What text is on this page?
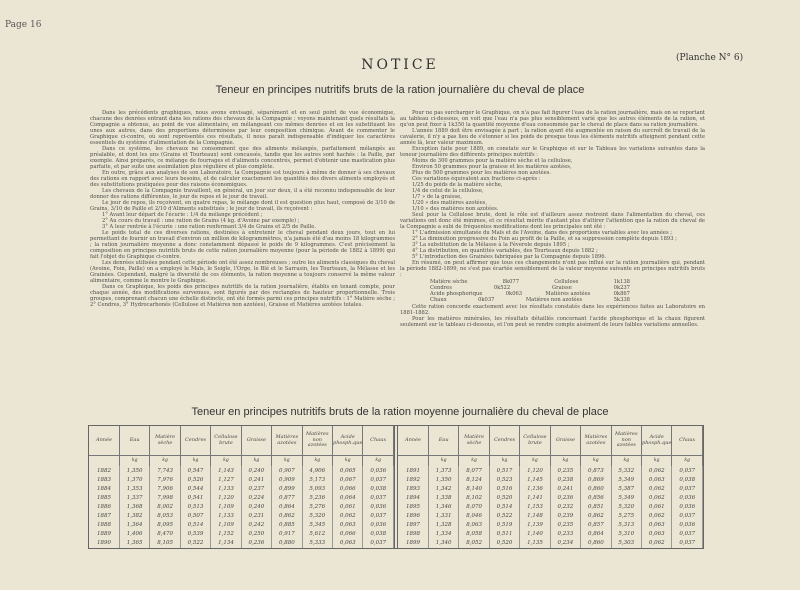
Page 16
NOTICE	(Planche N° 6)
Teneur en principes nutritifs bruts de la ration journalière du cheval de place

Dans les précédents graphiques, nous avons envisagé, séparément et en seul point de vue économique, chacune des denrées entrant dans les rations des chevaux de la Compagnie ; voyons maintenant quels résultats la Compagnie a obtenus, au point de vue alimentaire, en mélangeant ces mêmes denrées et en les substituant les unes aux autres, dans des proportions déterminées par leur composition chimique. Avant de commenter le Graphique ci-contre, où sont représentés ces résultats, il nous paraît indispensable d'indiquer les caractères essentiels du système d'alimentation de la Compagnie.

Dans ce système, les chevaux ne consomment que des aliments mélangés, parfaitement mélangés au préalable, et dont les uns (Grains et Tourteaux) sont concassés, tandis que les autres sont hachés : la Paille, par exemple. Ainsi préparés, ce mélange de fourrages et d'aliments concentrés, permet d'obtenir une mastication plus parfaite, et par suite une assimilation plus régulière et plus complète.

En outre, grâce aux analyses de son Laboratoire, la Compagnie est toujours à même de donner à ses chevaux des rations en rapport avec leurs besoins, et de calculer exactement les quantités des divers aliments employés et des substitutions pratiquées pour des raisons économiques.

Les chevaux de la Compagnie travaillent, en général, un jour sur deux, il a été reconnu indispensable de leur donner des rations différentes, le jour de repos et le jour de travail.

Le jour de repos, ils reçoivent, en quatre repas, le mélange dont il est question plus haut, composé de 3/10 de Grains, 3/10 de Paille et 2/10 d'Aliments substitués ; le jour de travail, ils reçoivent :

1° Avant leur départ de l'écurie : 1/4 du mélange précédent ;

2° Au cours du travail : une ration de Grains (4 kg. d'Avoine par exemple) ;

3° A leur rentrée à l'écurie : une ration renfermant 3/4 de Grains et 2/5 de Paille.

Le poids total de ces diverses rations, destinées à entretenir le cheval pendant deux jours, tout en lui permettant de fournir un travail d'environ un million de kilogrammètres, n'a jamais été d'au moins 18 kilogrammes ; la ration journalière moyenne a donc constamment dépassé le poids de 9 kilogrammes. C'est précisément la composition en principes nutritifs bruts de cette ration journalière moyenne (pour la période de 1882 à 1899) qui fait l'objet du Graphique ci-contre.

Les denrées utilisées pendant cette période ont été assez nombreuses ; outre les aliments classiques du cheval (Avoine, Foin, Paille) on a employé le Maïs, le Seigle, l'Orge, le Blé et le Sarrasin, les Tourteaux, la Mélasse et les Grainées. Cependant, malgré la diversité de ces éléments, la ration moyenne a toujours conservé la même valeur alimentaire, comme le montre le Graphique.

Dans ce Graphique, les poids des principes nutritifs de la ration journalière, établis en tenant compte, pour chaque année, des modifications survenues, sont figurés par des rectangles de hauteur proportionnelle. Trois groupes, comprenant chacun une échelle distincte, ont été formés parmi ces principes nutritifs : 1° Matière sèche ; 2° Cendres, 3° Hydrocarbonés (Cellulose et Matières non azotées), Graisse et Matières azotées totales.

Pour ne pas surcharger le Graphique, on n'a pas fait figurer l'eau de la ration journalière, mais on se reportant au tableau ci-dessous, on voit que l'eau n'a pas plus sensiblement varié que les autres éléments de la ration, et qu'on peut fixer à 1k350 la quantité moyenne d'eau consommée par le cheval de place dans sa ration journalière.

L'année 1889 doit être envisagée à part ; la ration ayant été augmentée en raison du surcroît de travail de la cavalerie, il n'y a pas lieu de s'étonner si les poids de presque tous les éléments nutritifs atteignent pendant cette année là, leur valeur maximum.

Exception faite pour 1889, on constate sur le Graphique et sur le Tableau les variations suivantes dans la teneur journalière des différents principes nutritifs :

Moins de 300 grammes pour la matière sèche et la cellulose,

Environ 50 grammes pour la graisse et les matières azotées,

Plus de 500 grammes pour les matières non azotées.

Ces variations équivalent aux fractions ci-après :

1/25 du poids de la matière sèche,

1/4 de celui de la cellulose,

1/7 » de la graisse,

1/20 » des matières azotées,

1/10 » des matières non azotées.

Seul pour la Cellulose brute, dont le rôle est d'ailleurs assez restreint dans l'alimentation du cheval, ces variations ont donc été minimes, et ce résultat mérite d'autant plus d'attirer l'attention que la ration du cheval de la Compagnie a subi de fréquentes modifications dont les principales ont été :

1° L'admission simultanée du Maïs et de l'Avoine, dans des proportions variables avec les années ;

2° La diminution progressive du Foin au profit de la Paille, et sa suppression complète depuis 1893 ;

3° La substitution de la Mélasse à la Féverole depuis 1895 ;

4° La distribution, en quantités variables, des Tourteaux depuis 1882 ;

5° L'introduction des Grainées fabriquées par la Compagnie depuis 1896.

En résumé, on peut affirmer que tous ces changements n'ont pas influé sur la ration journalière qui, pendant la période 1882-1899, ne s'est pas écartée sensiblement de la valeur moyenne suivante en principes nutritifs bruts :

Matière sèche	8k077	Cellulose	1k138
Cendres	0k522	Graisse	0k237
Acide phosphorique	0k063	Matières azotées	0k867
Chaux	0k037	Matières non azotées	5k338

Cette ration concorde exactement avec les résultats constatés dans les expériences faites au Laboratoire en 1881-1882.

Pour les matières minérales, les résultats détaillés concernant l'acide phosphorique et la chaux figurent seulement sur le tableau ci-dessous, et l'on peut se rendre compte aisément de leurs faibles variations annuelles.

Teneur en principes nutritifs bruts de la ration moyenne journalière du cheval de place
Année	Eau	Matière sèche	Cendres	Cellulose brute	Graisse	Matières azotées	Matières non azotées	Acide phosph.que	Chaux
	kg	kg	kg	kg	kg	kg	kg	kg	kg
1882	1,350	7,743	0,547	1,143	0,240	0,907	4,906	0,065	0,036
1883	1,370	7,976	0,526	1,127	0,241	0,909	5,173	0,067	0,037
1884	1,353	7,906	0,544	1,133	0,237	0,899	5,093	0,066	0,038
1885	1,337	7,998	0,541	1,120	0,224	0,877	5,236	0,064	0,037
1886	1,368	8,002	0,513	1,109	0,240	0,864	5,276	0,061	0,036
1887	1,382	8,053	0,507	1,133	0,231	0,862	5,320	0,062	0,037
1888	1,364	8,095	0,514	1,109	0,242	0,885	5,345	0,063	0,036
1889	1,406	8,470	0,539	1,152	0,250	0,917	5,612	0,066	0,038
1890	1,365	8,105	0,522	1,134	0,236	0,880	5,333	0,063	0,037
Année	Eau	Matière sèche	Cendres	Cellulose brute	Graisse	Matières azotées	Matières non azotées	Acide phosph.que	Chaux
	kg	kg	kg	kg	kg	kg	kg	kg	kg
1891	1,373	8,077	0,517	1,120	0,235	0,873	5,332	0,062	0,037
1892	1,350	8,124	0,523	1,145	0,238	0,869	5,349	0,063	0,038
1893	1,342	8,140	0,516	1,136	0,241	0,860	5,387	0,062	0,037
1894	1,338	8,102	0,520	1,141	0,236	0,856	5,349	0,062	0,036
1895	1,346	8,070	0,514	1,153	0,232	0,851	5,320	0,061	0,036
1896	1,331	8,046	0,522	1,148	0,239	0,862	5,275	0,062	0,037
1897	1,328	8,063	0,519	1,139	0,235	0,857	5,313	0,063	0,036
1898	1,334	8,058	0,511	1,140	0,233	0,864	5,310	0,063	0,037
1899	1,340	8,052	0,520	1,135	0,234	0,860	5,303	0,062	0,037
